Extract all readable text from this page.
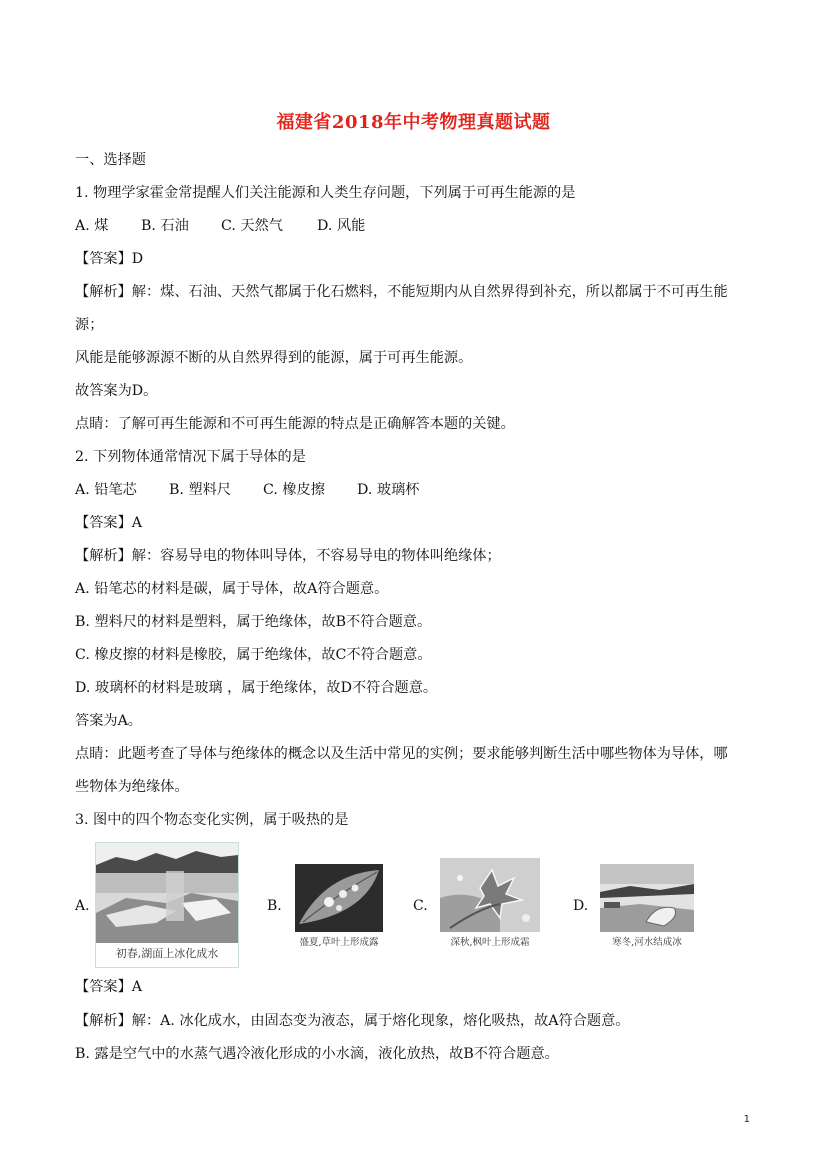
福建省2018年中考物理真题试题
一、选择题
1. 物理学家霍金常提醒人们关注能源和人类生存问题，下列属于可再生能源的是
A. 煤 B. 石油 C. 天然气 D. 风能
【答案】D
【解析】解：煤、石油、天然气都属于化石燃料，不能短期内从自然界得到补充，所以都属于不可再生能
源；
风能是能够源源不断的从自然界得到的能源，属于可再生能源。
故答案为D。
点睛：了解可再生能源和不可再生能源的特点是正确解答本题的关键。
2. 下列物体通常情况下属于导体的是
A. 铅笔芯 B. 塑料尺 C. 橡皮擦 D. 玻璃杯
【答案】A
【解析】解：容易导电的物体叫导体，不容易导电的物体叫绝缘体；
A. 铅笔芯的材料是碳，属于导体，故A符合题意。
B. 塑料尺的材料是塑料，属于绝缘体，故B不符合题意。
C. 橡皮擦的材料是橡胶，属于绝缘体，故C不符合题意。
D. 玻璃杯的材料是玻璃 ，属于绝缘体，故D不符合题意。
答案为A。
点睛：此题考查了导体与绝缘体的概念以及生活中常见的实例；要求能够判断生活中哪些物体为导体，哪
些物体为绝缘体。
3. 图中的四个物态变化实例，属于吸热的是
A.
初春,湖面上冰化成水
B.
盛夏,草叶上形成露
C.
深秋,枫叶上形成霜
D.
寒冬,河水结成冰
【答案】A
【解析】解：A. 冰化成水，由固态变为液态，属于熔化现象，熔化吸热，故A符合题意。
B. 露是空气中的水蒸气遇冷液化形成的小水滴，液化放热，故B不符合题意。
1
